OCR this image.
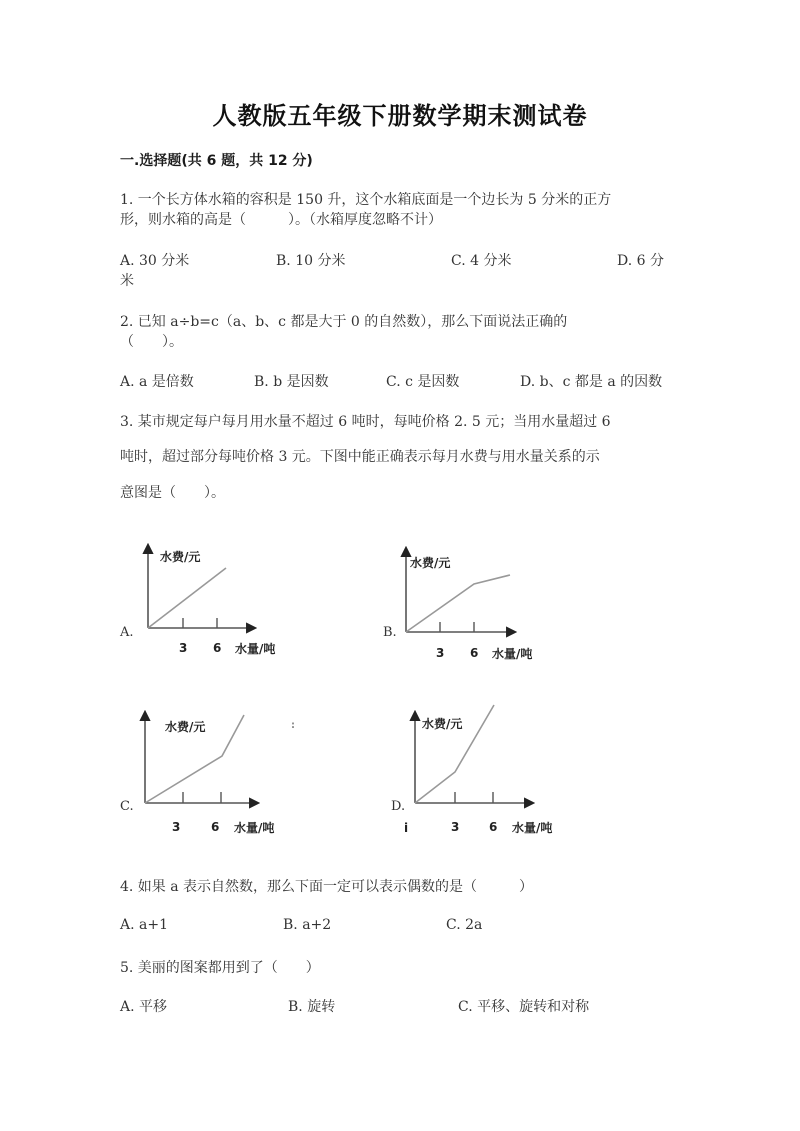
人教版五年级下册数学期末测试卷
一.选择题(共 6 题，共 12 分)
1. 一个长方体水箱的容积是 150 升，这个水箱底面是一个边长为 5 分米的正方
形，则水箱的高是（　　　）。（水箱厚度忽略不计）
A. 30 分米	B. 10 分米	C. 4 分米	D. 6 分
米
2. 已知 a÷b=c（a、b、c 都是大于 0 的自然数），那么下面说法正确的
（　　）。
A. a 是倍数	B. b 是因数	C. c 是因数	D. b、c 都是 a 的因数
3. 某市规定每户每月用水量不超过 6 吨时，每吨价格 2. 5 元；当用水量超过 6
吨时，超过部分每吨价格 3 元。下图中能正确表示每月水费与用水量关系的示
意图是（　　）。
水费/元
3 6 水量/吨
A.
水费/元
3 6 水量/吨
B.
水费/元
3	6 水量/吨
C.
:	水费/元
3 6 水量/吨
D.
i
4. 如果 a 表示自然数，那么下面一定可以表示偶数的是（　　　）
A. a+1	B. a+2	C. 2a
5. 美丽的图案都用到了（　　）
A. 平移	B. 旋转	C. 平移、旋转和对称
